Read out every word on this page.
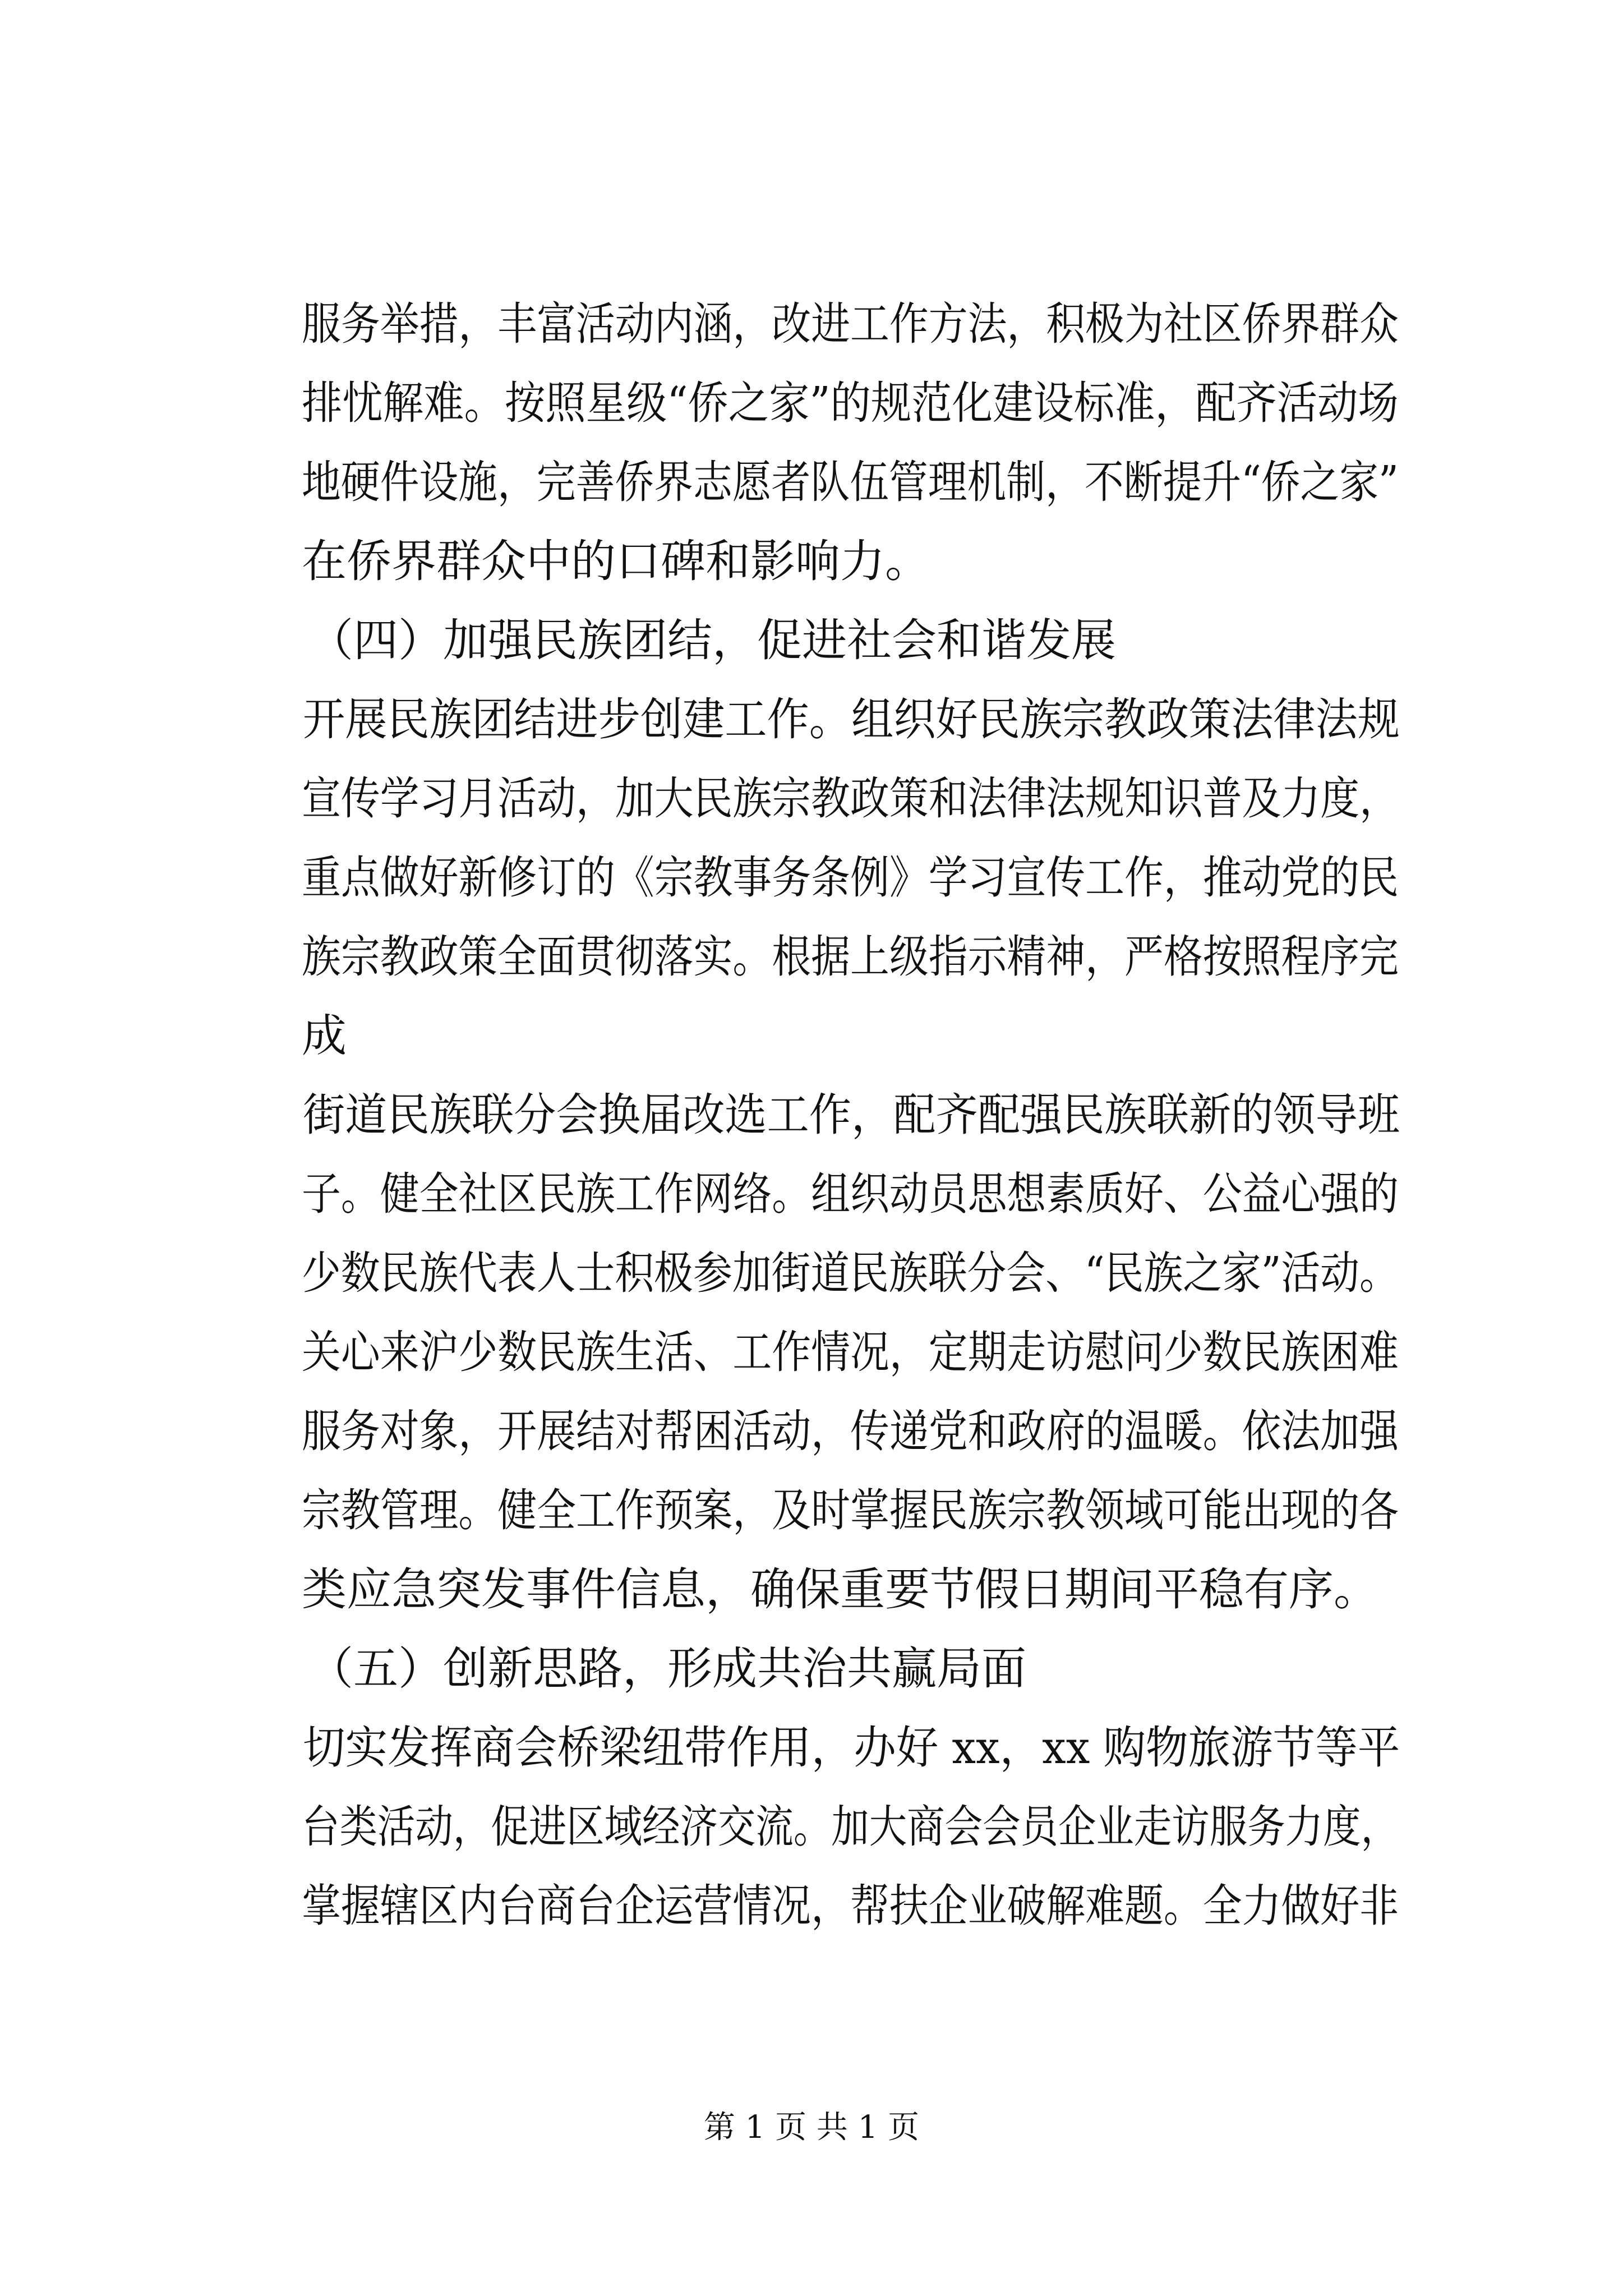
服务举措，丰富活动内涵，改进工作方法，积极为社区侨界群众
排忧解难。按照星级“侨之家”的规范化建设标准，配齐活动场
地硬件设施，完善侨界志愿者队伍管理机制，不断提升“侨之家”
在侨界群众中的口碑和影响力。
（四）加强民族团结，促进社会和谐发展
开展民族团结进步创建工作。组织好民族宗教政策法律法规
宣传学习月活动，加大民族宗教政策和法律法规知识普及力度，
重点做好新修订的《宗教事务条例》学习宣传工作，推动党的民
族宗教政策全面贯彻落实。根据上级指示精神，严格按照程序完
成
街道民族联分会换届改选工作，配齐配强民族联新的领导班
子。健全社区民族工作网络。组织动员思想素质好、公益心强的
少数民族代表人士积极参加街道民族联分会、“民族之家”活动。
关心来沪少数民族生活、工作情况，定期走访慰问少数民族困难
服务对象，开展结对帮困活动，传递党和政府的温暖。依法加强
宗教管理。健全工作预案，及时掌握民族宗教领域可能出现的各
类应急突发事件信息，确保重要节假日期间平稳有序。
（五）创新思路，形成共治共赢局面
切实发挥商会桥梁纽带作用，办好 xx，xx 购物旅游节等平
台类活动，促进区域经济交流。加大商会会员企业走访服务力度，
掌握辖区内台商台企运营情况，帮扶企业破解难题。全力做好非
第 1 页 共 1 页
